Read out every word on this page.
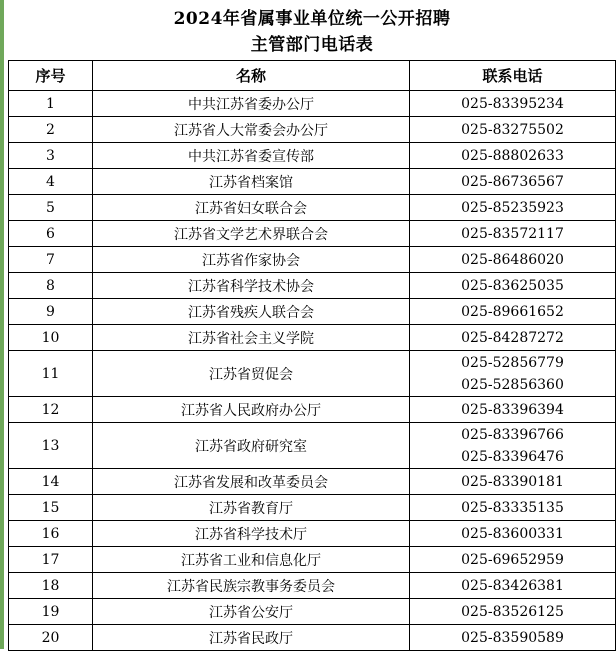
2024年省属事业单位统一公开招聘
主管部门电话表
序号	名称	联系电话
1	中共江苏省委办公厅	025-83395234

2	江苏省人大常委会办公厅	025-83275502

3	中共江苏省委宣传部	025-88802633

4	江苏省档案馆	025-86736567

5	江苏省妇女联合会	025-85235923

6	江苏省文学艺术界联合会	025-83572117

7	江苏省作家协会	025-86486020

8	江苏省科学技术协会	025-83625035

9	江苏省残疾人联合会	025-89661652

10	江苏省社会主义学院	025-84287272

11	江苏省贸促会	025-52856779
025-52856360

12	江苏省人民政府办公厅	025-83396394

13	江苏省政府研究室	025-83396766
025-83396476

14	江苏省发展和改革委员会	025-83390181

15	江苏省教育厅	025-83335135

16	江苏省科学技术厅	025-83600331

17	江苏省工业和信息化厅	025-69652959

18	江苏省民族宗教事务委员会	025-83426381

19	江苏省公安厅	025-83526125

20	江苏省民政厅	025-83590589
